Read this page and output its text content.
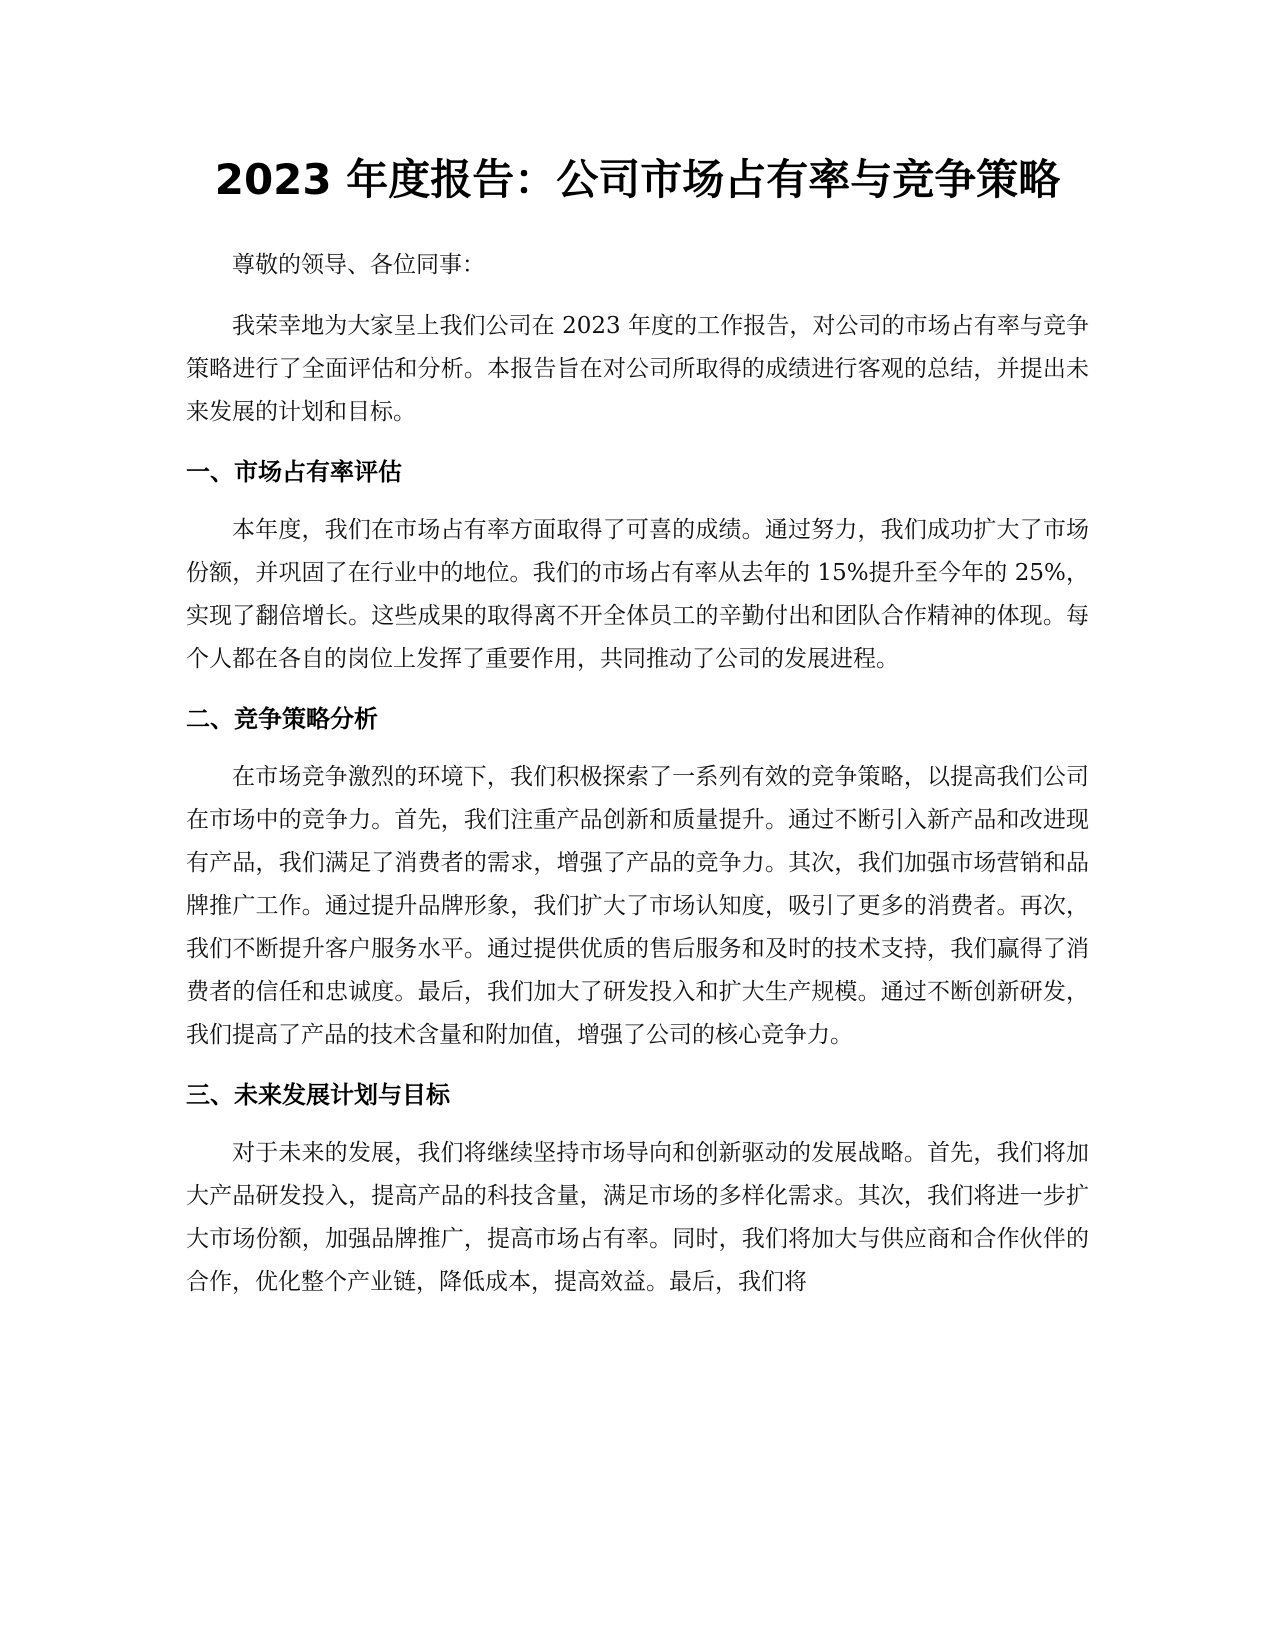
2023 年度报告：公司市场占有率与竞争策略

尊敬的领导、各位同事：

我荣幸地为大家呈上我们公司在 2023 年度的工作报告，对公司的市场占有率与竞争策略进行了全面评估和分析。本报告旨在对公司所取得的成绩进行客观的总结，并提出未来发展的计划和目标。

一、市场占有率评估

本年度，我们在市场占有率方面取得了可喜的成绩。通过努力，我们成功扩大了市场份额，并巩固了在行业中的地位。我们的市场占有率从去年的 15%提升至今年的 25%，实现了翻倍增长。这些成果的取得离不开全体员工的辛勤付出和团队合作精神的体现。每个人都在各自的岗位上发挥了重要作用，共同推动了公司的发展进程。

二、竞争策略分析

在市场竞争激烈的环境下，我们积极探索了一系列有效的竞争策略，以提高我们公司在市场中的竞争力。首先，我们注重产品创新和质量提升。通过不断引入新产品和改进现有产品，我们满足了消费者的需求，增强了产品的竞争力。其次，我们加强市场营销和品牌推广工作。通过提升品牌形象，我们扩大了市场认知度，吸引了更多的消费者。再次，我们不断提升客户服务水平。通过提供优质的售后服务和及时的技术支持，我们赢得了消费者的信任和忠诚度。最后，我们加大了研发投入和扩大生产规模。通过不断创新研发，我们提高了产品的技术含量和附加值，增强了公司的核心竞争力。

三、未来发展计划与目标

对于未来的发展，我们将继续坚持市场导向和创新驱动的发展战略。首先，我们将加大产品研发投入，提高产品的科技含量，满足市场的多样化需求。其次，我们将进一步扩大市场份额，加强品牌推广，提高市场占有率。同时，我们将加大与供应商和合作伙伴的合作，优化整个产业链，降低成本，提高效益。最后，我们将
